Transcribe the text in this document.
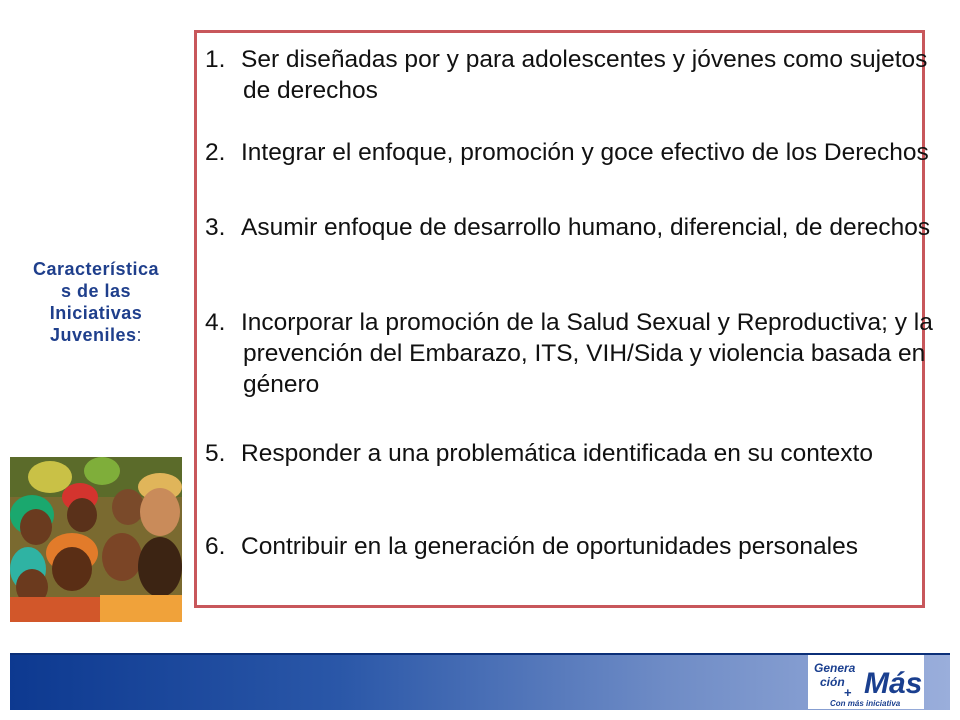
Característica
s de las
Iniciativas
Juveniles:
1. Ser diseñadas por y para adolescentes y jóvenes como sujetos de derechos
2. Integrar el enfoque, promoción y goce efectivo de los Derechos
3. Asumir enfoque de desarrollo humano, diferencial, de derechos
4. Incorporar la promoción de la Salud Sexual y Reproductiva; y la prevención del Embarazo, ITS, VIH/Sida y violencia basada en género
5. Responder a una problemática identificada en su contexto
6. Contribuir en la generación de oportunidades personales
Genera
ción
+ Más
Con más iniciativa
